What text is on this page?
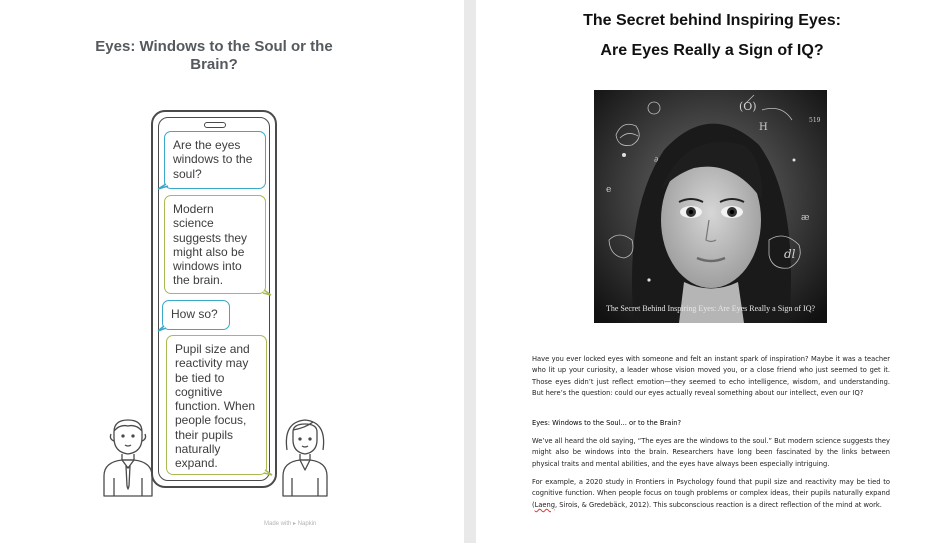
Eyes: Windows to the Soul or the Brain?
Are the eyes windows to the soul?
Modern science suggests they might also be windows into the brain.
How so?
Pupil size and reactivity may be tied to cognitive function. When people focus, their pupils naturally expand.
Made with ▸ Napkin
The Secret behind Inspiring Eyes:
Are Eyes Really a Sign of IQ?
(O)
H
519
æ
dl
e
∂
The Secret Behind Inspiring Eyes: Are Eyes Really a Sign of IQ?
Have you ever locked eyes with someone and felt an instant spark of inspiration? Maybe it was a teacher who lit up your curiosity, a leader whose vision moved you, or a close friend who just seemed to get it. Those eyes didn’t just reflect emotion—they seemed to echo intelligence, wisdom, and understanding. But here’s the question: could our eyes actually reveal something about our intellect, even our IQ?
Eyes: Windows to the Soul... or to the Brain?
We’ve all heard the old saying, “The eyes are the windows to the soul.” But modern science suggests they might also be windows into the brain. Researchers have long been fascinated by the links between physical traits and mental abilities, and the eyes have always been especially intriguing.
For example, a 2020 study in Frontiers in Psychology found that pupil size and reactivity may be tied to cognitive function. When people focus on tough problems or complex ideas, their pupils naturally expand (Laeng, Sirois, & Gredebäck, 2012). This subconscious reaction is a direct reflection of the mind at work.
